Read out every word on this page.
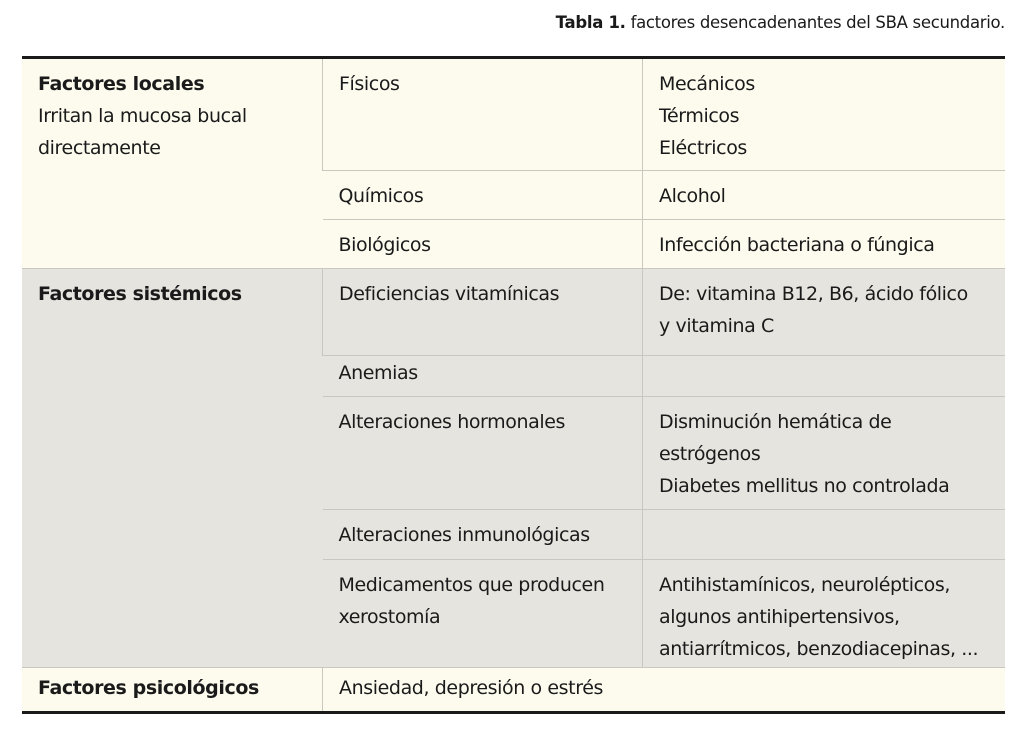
Tabla 1. factores desencadenantes del SBA secundario.
Factores locales
Irritan la mucosa bucal
directamente	Físicos	Mecánicos
Térmicos
Eléctricos

	Químicos	Alcohol

	Biológicos	Infección bacteriana o fúngica

Factores sistémicos	Deficiencias vitamínicas	De: vitamina B12, B6, ácido fólico
y vitamina C

	Anemias	

	Alteraciones hormonales	Disminución hemática de
estrógenos
Diabetes mellitus no controlada

	Alteraciones inmunológicas	

	Medicamentos que producen
xerostomía	Antihistamínicos, neurolépticos,
algunos antihipertensivos,
antiarrítmicos, benzodiacepinas, ...

Factores psicológicos	Ansiedad, depresión o estrés	
